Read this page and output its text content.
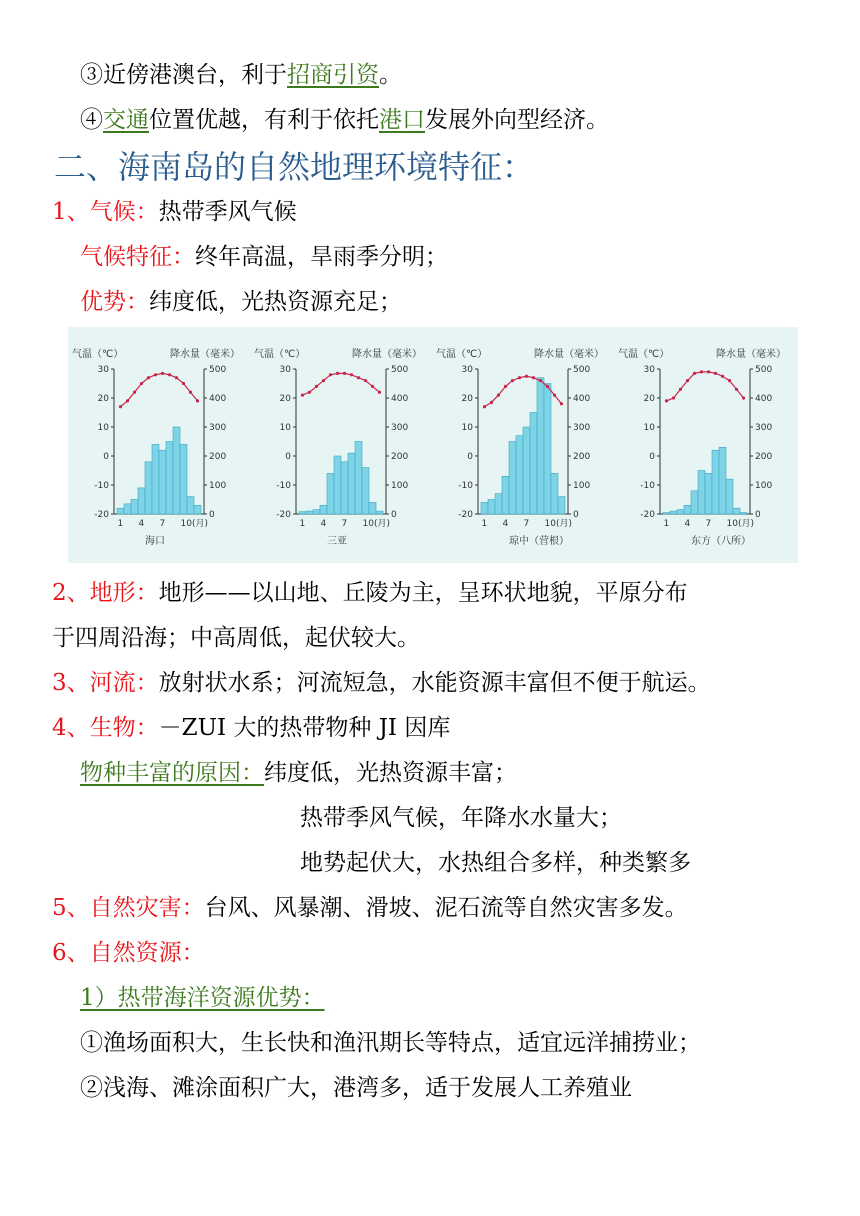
③近傍港澳台，利于招商引资。
④交通位置优越，有利于依托港口发展外向型经济。
二、海南岛的自然地理环境特征：
1、气候：热带季风气候
气候特征：终年高温，旱雨季分明；
优势：纬度低，光热资源充足；
气温（℃）	降水量（毫米）
30
20
10
0
-10
-20
500
400
300
200
100
0
1 4 7 10(月)
海口
气温（℃）	降水量（毫米）
30
20
10
0
-10
-20
500
400
300
200
100
0
1 4 7 10(月)
三亚
气温（℃）	降水量（毫米）
30
20
10
0
-10
-20
500
400
300
200
100
0
1 4 7 10(月)
琼中（营根）
气温（℃）	降水量（毫米）
30
20
10
0
-10
-20
500
400
300
200
100
0
1 4 7 10(月)
东方（八所）
2、地形：地形——以山地、丘陵为主，呈环状地貌，平原分布
于四周沿海；中高周低，起伏较大。
3、河流：放射状水系；河流短急，水能资源丰富但不便于航运。
4、生物：－ZUI 大的热带物种 JI 因库
物种丰富的原因：纬度低，光热资源丰富；
热带季风气候，年降水水量大；
地势起伏大，水热组合多样，种类繁多
5、自然灾害：台风、风暴潮、滑坡、泥石流等自然灾害多发。
6、自然资源：
1）热带海洋资源优势：
①渔场面积大，生长快和渔汛期长等特点，适宜远洋捕捞业；
②浅海、滩涂面积广大，港湾多，适于发展人工养殖业
